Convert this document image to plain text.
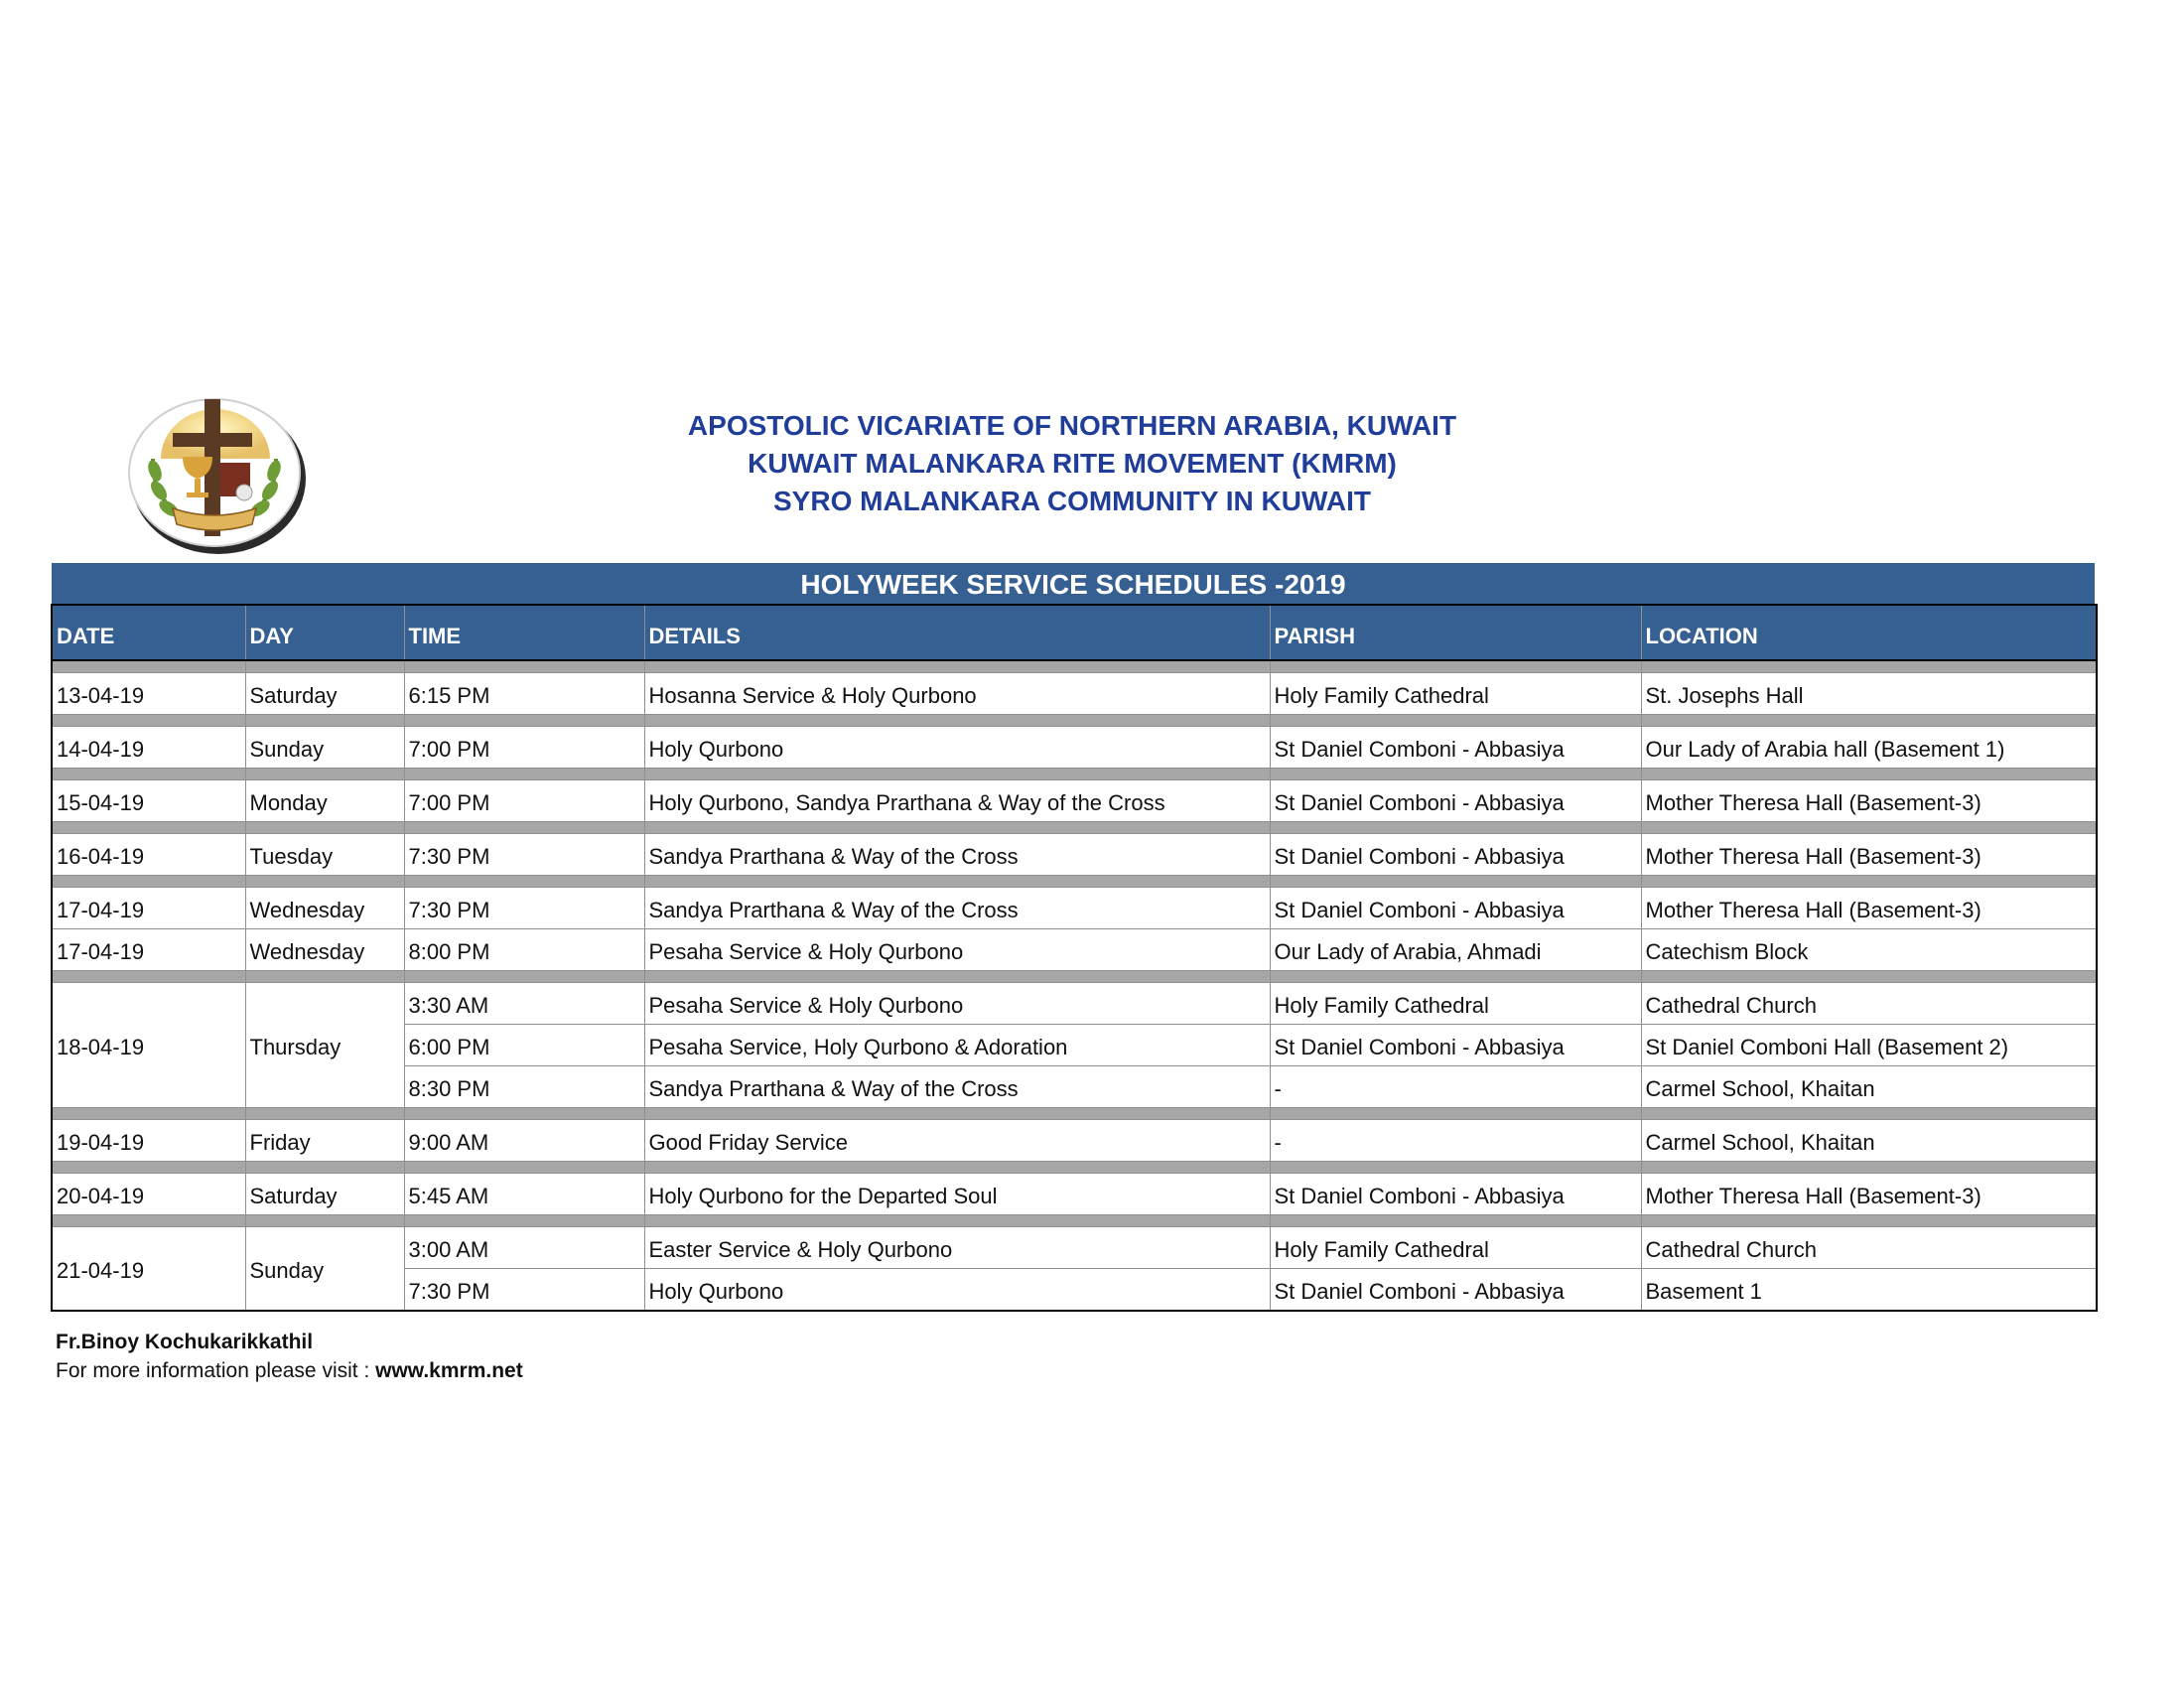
APOSTOLIC VICARIATE OF NORTHERN ARABIA, KUWAIT
KUWAIT MALANKARA RITE MOVEMENT (KMRM)
SYRO MALANKARA COMMUNITY IN KUWAIT
HOLYWEEK SERVICE SCHEDULES -2019
DATE	DAY	TIME	DETAILS	PARISH	LOCATION

13-04-19	Saturday	6:15 PM	Hosanna Service & Holy Qurbono	Holy Family Cathedral	St. Josephs Hall

14-04-19	Sunday	7:00 PM	Holy Qurbono	St Daniel Comboni - Abbasiya	Our Lady of Arabia hall (Basement 1)

15-04-19	Monday	7:00 PM	Holy Qurbono, Sandya Prarthana & Way of the Cross	St Daniel Comboni - Abbasiya	Mother Theresa Hall (Basement-3)

16-04-19	Tuesday	7:30 PM	Sandya Prarthana & Way of the Cross	St Daniel Comboni - Abbasiya	Mother Theresa Hall (Basement-3)

17-04-19	Wednesday	7:30 PM	Sandya Prarthana & Way of the Cross	St Daniel Comboni - Abbasiya	Mother Theresa Hall (Basement-3)
17-04-19	Wednesday	8:00 PM	Pesaha Service & Holy Qurbono	Our Lady of Arabia, Ahmadi	Catechism Block

18-04-19	Thursday	3:30 AM	Pesaha Service & Holy Qurbono	Holy Family Cathedral	Cathedral Church
		6:00 PM	Pesaha Service, Holy Qurbono & Adoration	St Daniel Comboni - Abbasiya	St Daniel Comboni Hall (Basement 2)
		8:30 PM	Sandya Prarthana & Way of the Cross	-	Carmel School, Khaitan

19-04-19	Friday	9:00 AM	Good Friday Service	-	Carmel School, Khaitan

20-04-19	Saturday	5:45 AM	Holy Qurbono for the Departed Soul	St Daniel Comboni - Abbasiya	Mother Theresa Hall (Basement-3)

21-04-19	Sunday	3:00 AM	Easter Service & Holy Qurbono	Holy Family Cathedral	Cathedral Church
		7:30 PM	Holy Qurbono	St Daniel Comboni - Abbasiya	Basement 1
Fr.Binoy Kochukarikkathil
For more information please visit : www.kmrm.net
